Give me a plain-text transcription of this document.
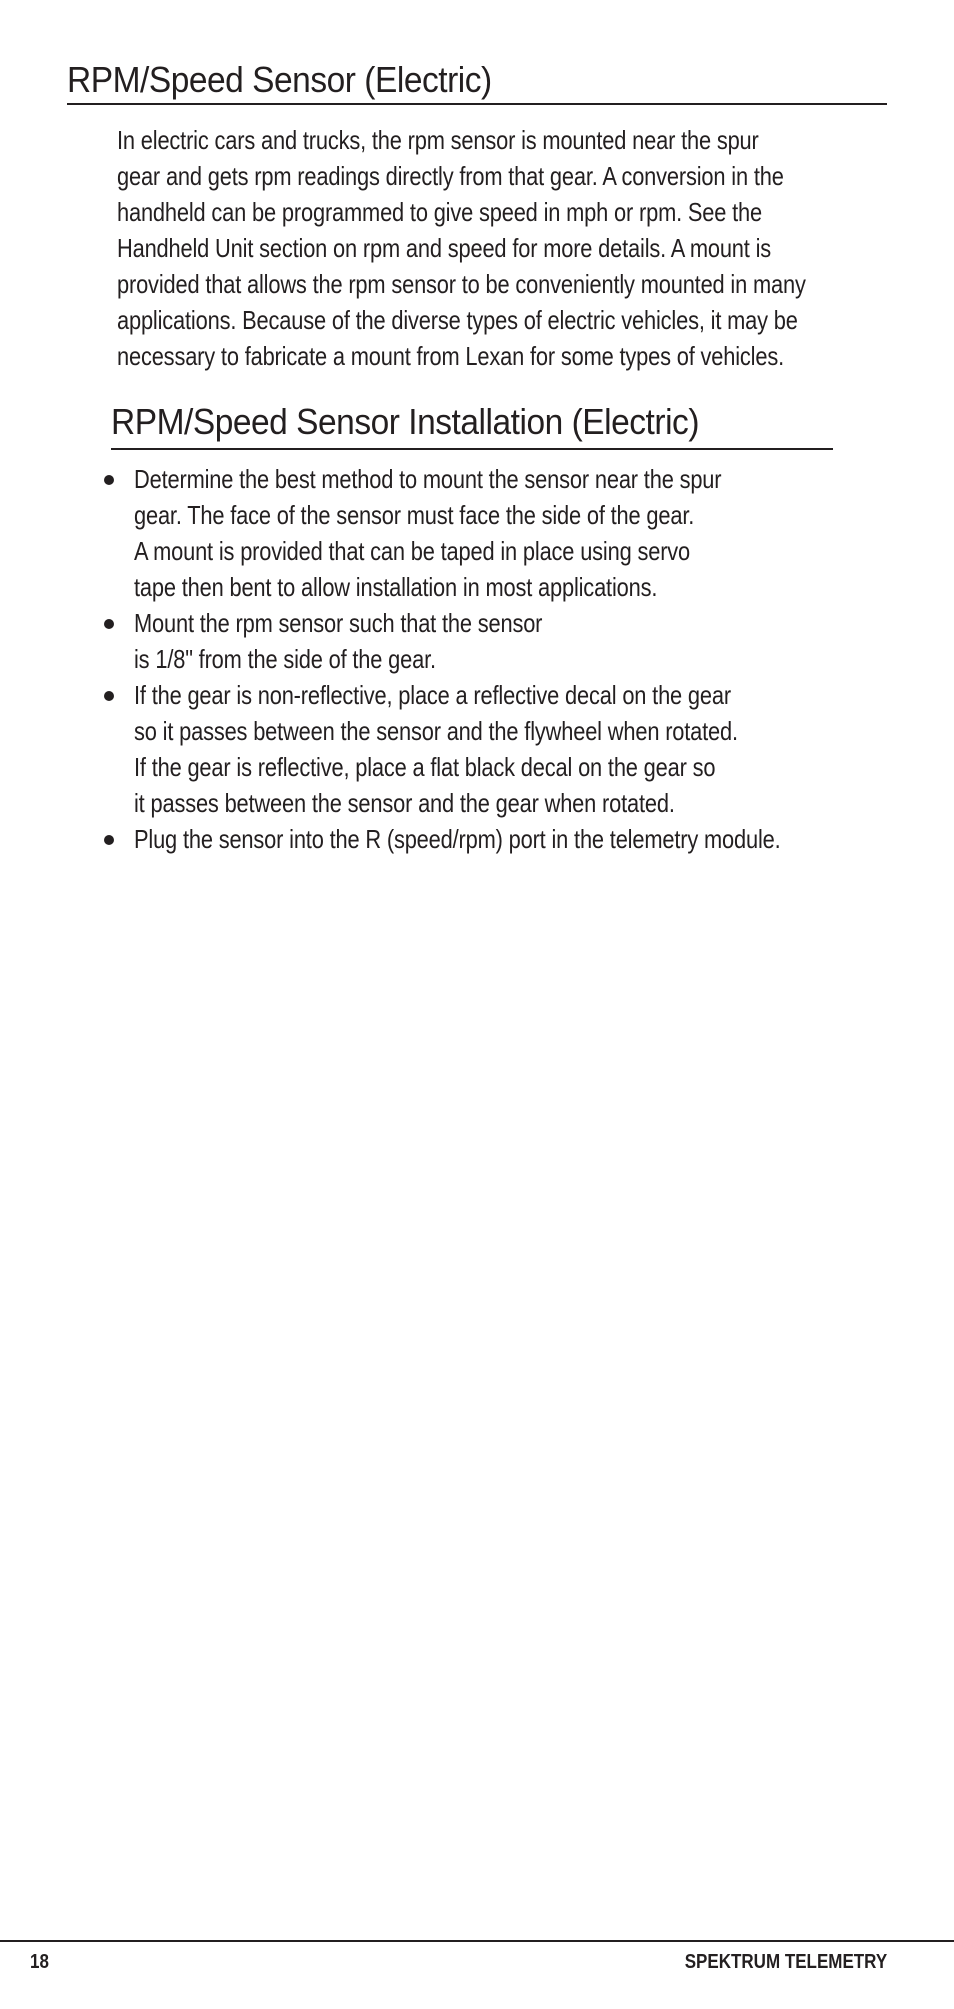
RPM/Speed Sensor (Electric)
In electric cars and trucks, the rpm sensor is mounted near the spur
gear and gets rpm readings directly from that gear. A conversion in the
handheld can be programmed to give speed in mph or rpm. See the
Handheld Unit section on rpm and speed for more details. A mount is
provided that allows the rpm sensor to be conveniently mounted in many
applications. Because of the diverse types of electric vehicles, it may be
necessary to fabricate a mount from Lexan for some types of vehicles.
RPM/Speed Sensor Installation (Electric)
Determine the best method to mount the sensor near the spur
gear. The face of the sensor must face the side of the gear.
A mount is provided that can be taped in place using servo
tape then bent to allow installation in most applications.
Mount the rpm sensor such that the sensor
is 1/8" from the side of the gear.
If the gear is non-reflective, place a reflective decal on the gear
so it passes between the sensor and the flywheel when rotated.
If the gear is reflective, place a flat black decal on the gear so
it passes between the sensor and the gear when rotated.
Plug the sensor into the R (speed/rpm) port in the telemetry module.
18	SPEKTRUM TELEMETRY
